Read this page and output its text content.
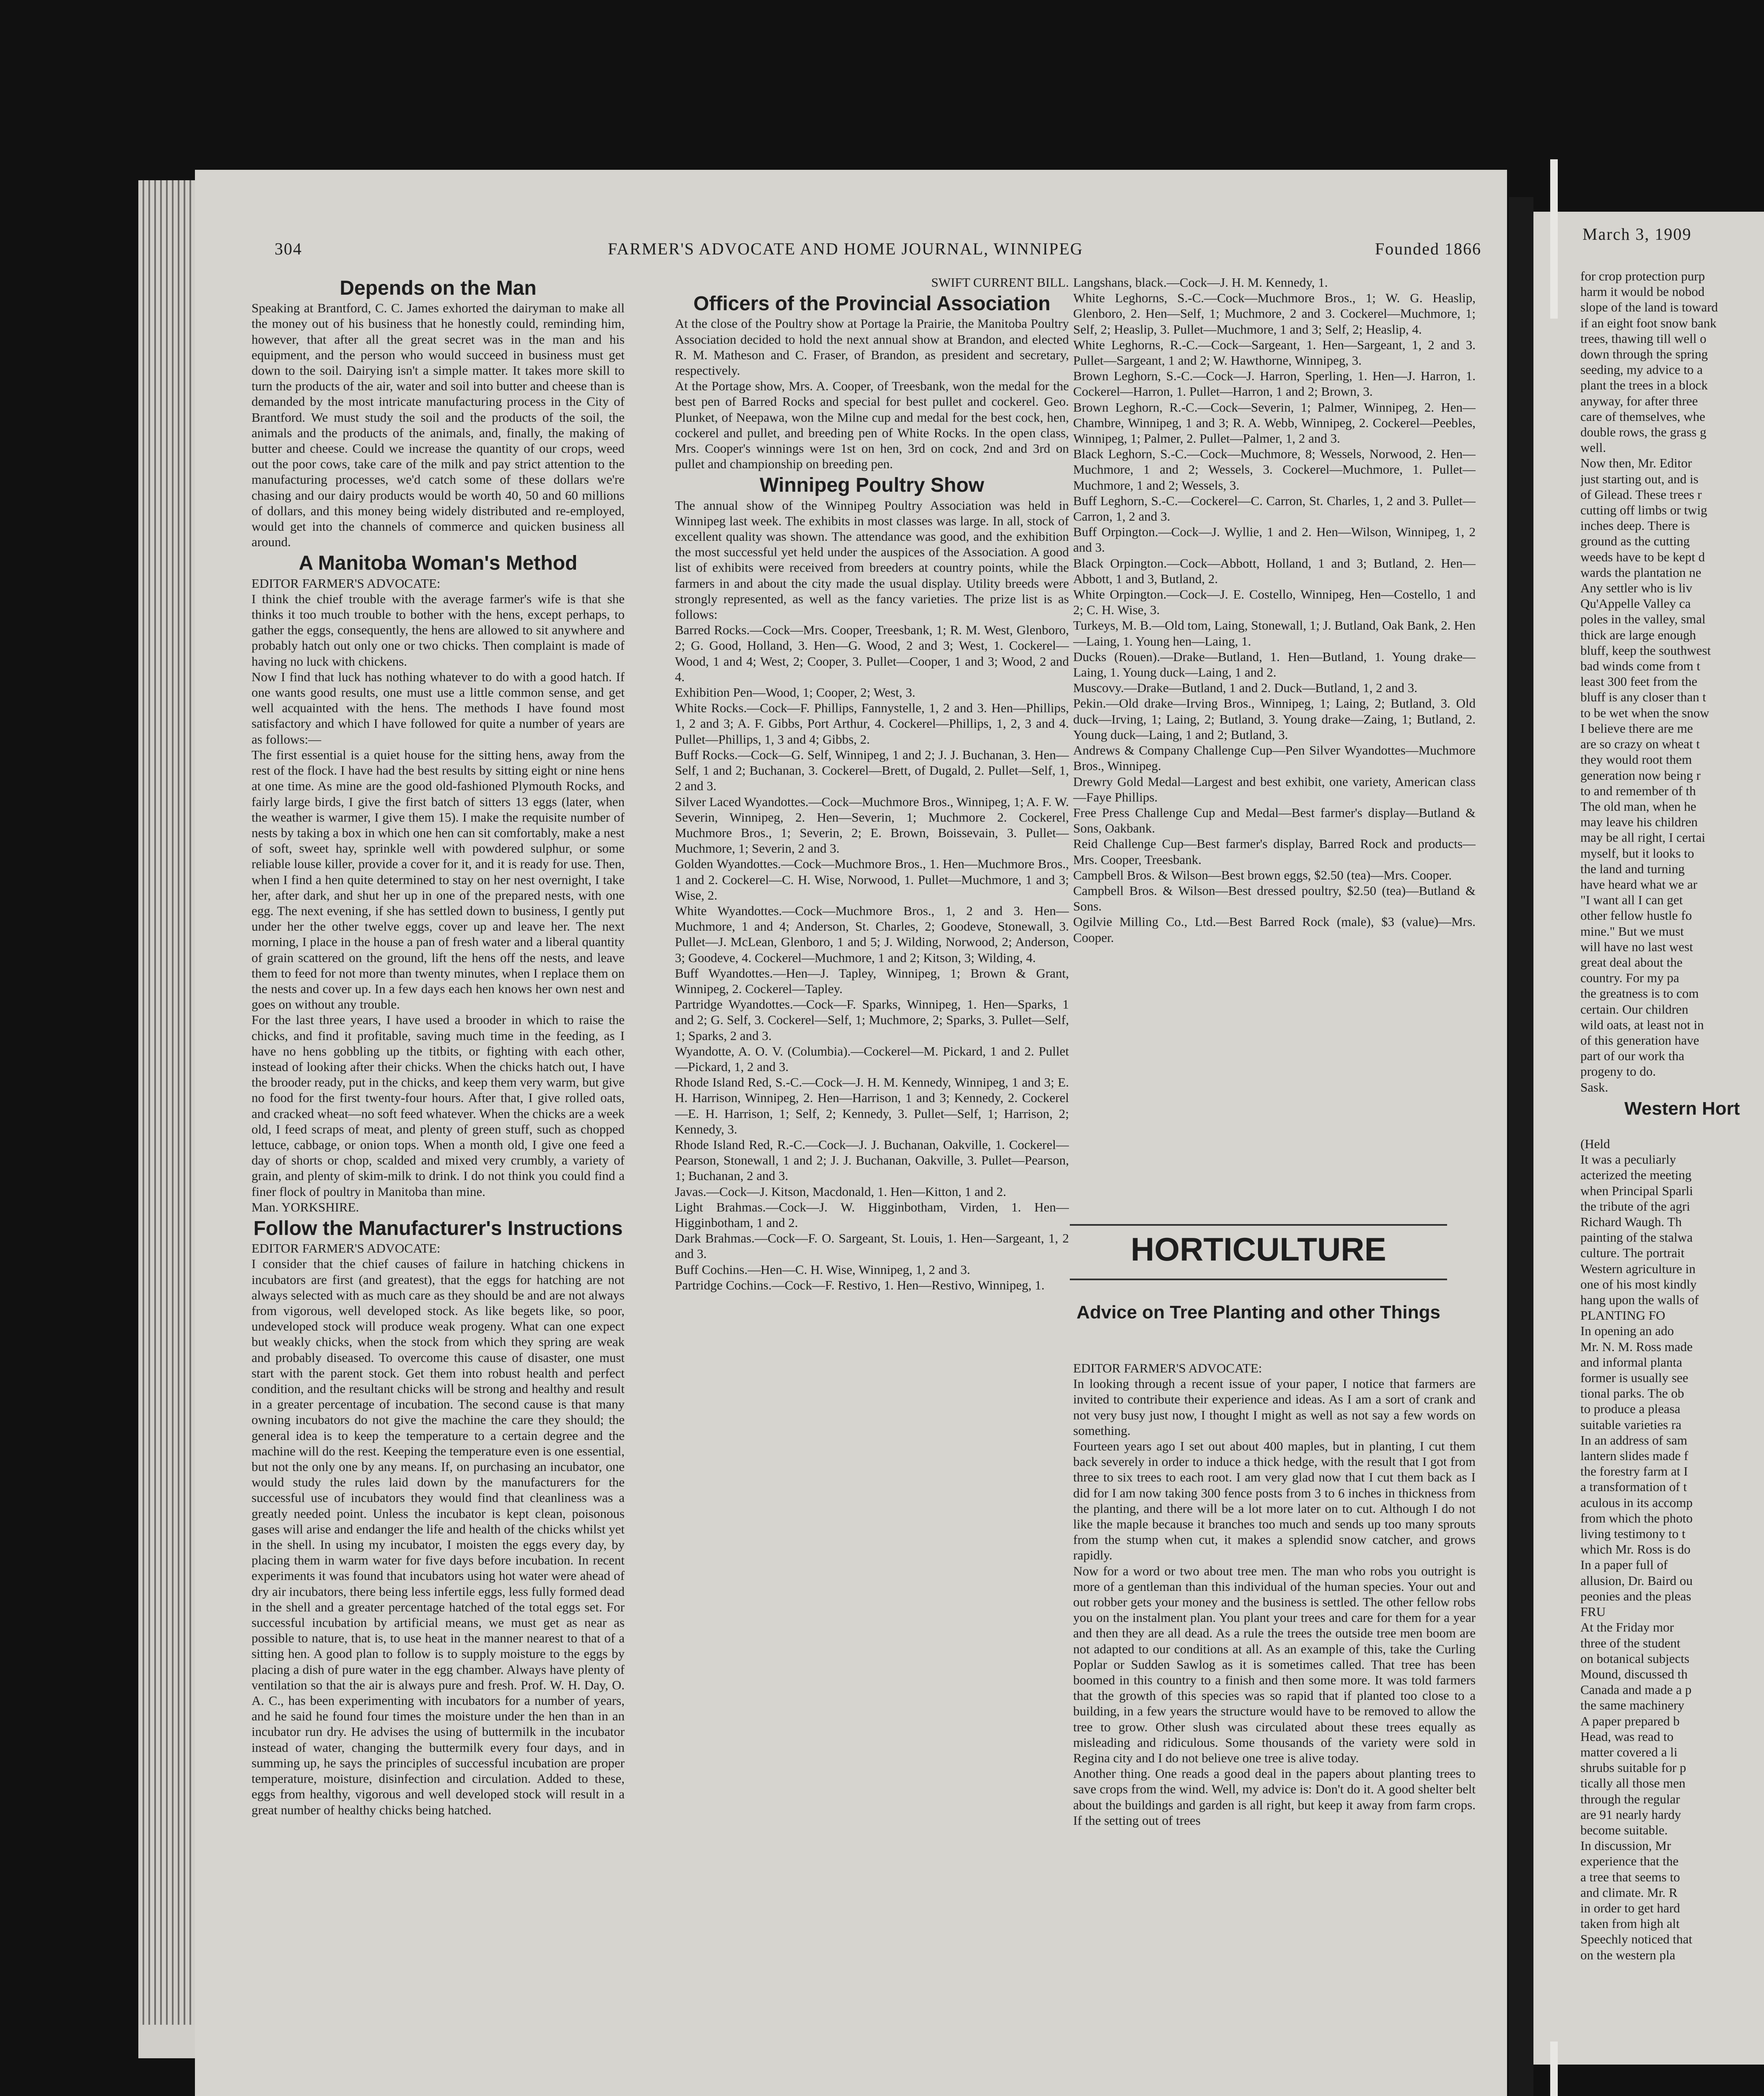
304	FARMER'S ADVOCATE AND HOME JOURNAL, WINNIPEG	Founded 1866
March 3, 1909
Depends on the Man

Speaking at Brantford, C. C. James exhorted the dairyman to make all the money out of his business that he honestly could, reminding him, however, that after all the great secret was in the man and his equipment, and the person who would succeed in business must get down to the soil. Dairying isn't a simple matter. It takes more skill to turn the products of the air, water and soil into butter and cheese than is demanded by the most intricate manufacturing process in the City of Brantford. We must study the soil and the products of the soil, the animals and the products of the animals, and, finally, the making of butter and cheese. Could we increase the quantity of our crops, weed out the poor cows, take care of the milk and pay strict attention to the manufacturing processes, we'd catch some of these dollars we're chasing and our dairy products would be worth 40, 50 and 60 millions of dollars, and this money being widely distributed and re-employed, would get into the channels of commerce and quicken business all around.

A Manitoba Woman's Method

EDITOR FARMER'S ADVOCATE:

I think the chief trouble with the average farmer's wife is that she thinks it too much trouble to bother with the hens, except perhaps, to gather the eggs, consequently, the hens are allowed to sit anywhere and probably hatch out only one or two chicks. Then complaint is made of having no luck with chickens.

Now I find that luck has nothing whatever to do with a good hatch. If one wants good results, one must use a little common sense, and get well acquainted with the hens. The methods I have found most satisfactory and which I have followed for quite a number of years are as follows:—

The first essential is a quiet house for the sitting hens, away from the rest of the flock. I have had the best results by sitting eight or nine hens at one time. As mine are the good old-fashioned Plymouth Rocks, and fairly large birds, I give the first batch of sitters 13 eggs (later, when the weather is warmer, I give them 15). I make the requisite number of nests by taking a box in which one hen can sit comfortably, make a nest of soft, sweet hay, sprinkle well with powdered sulphur, or some reliable louse killer, provide a cover for it, and it is ready for use. Then, when I find a hen quite determined to stay on her nest overnight, I take her, after dark, and shut her up in one of the prepared nests, with one egg. The next evening, if she has settled down to business, I gently put under her the other twelve eggs, cover up and leave her. The next morning, I place in the house a pan of fresh water and a liberal quantity of grain scattered on the ground, lift the hens off the nests, and leave them to feed for not more than twenty minutes, when I replace them on the nests and cover up. In a few days each hen knows her own nest and goes on without any trouble.

For the last three years, I have used a brooder in which to raise the chicks, and find it profitable, saving much time in the feeding, as I have no hens gobbling up the titbits, or fighting with each other, instead of looking after their chicks. When the chicks hatch out, I have the brooder ready, put in the chicks, and keep them very warm, but give no food for the first twenty-four hours. After that, I give rolled oats, and cracked wheat—no soft feed whatever. When the chicks are a week old, I feed scraps of meat, and plenty of green stuff, such as chopped lettuce, cabbage, or onion tops. When a month old, I give one feed a day of shorts or chop, scalded and mixed very crumbly, a variety of grain, and plenty of skim-milk to drink. I do not think you could find a finer flock of poultry in Manitoba than mine.

Man. YORKSHIRE.

Follow the Manufacturer's Instructions

EDITOR FARMER'S ADVOCATE:

I consider that the chief causes of failure in hatching chickens in incubators are first (and greatest), that the eggs for hatching are not always selected with as much care as they should be and are not always from vigorous, well developed stock. As like begets like, so poor, undeveloped stock will produce weak progeny. What can one expect but weakly chicks, when the stock from which they spring are weak and probably diseased. To overcome this cause of disaster, one must start with the parent stock. Get them into robust health and perfect condition, and the resultant chicks will be strong and healthy and result in a greater percentage of incubation. The second cause is that many owning incubators do not give the machine the care they should; the general idea is to keep the temperature to a certain degree and the machine will do the rest. Keeping the temperature even is one essential, but not the only one by any means. If, on purchasing an incubator, one would study the rules laid down by the manufacturers for the successful use of incubators they would find that cleanliness was a greatly needed point. Unless the incubator is kept clean, poisonous gases will arise and endanger the life and health of the chicks whilst yet in the shell. In using my incubator, I moisten the eggs every day, by placing them in warm water for five days before incubation. In recent experiments it was found that incubators using hot water were ahead of dry air incubators, there being less infertile eggs, less fully formed dead in the shell and a greater percentage hatched of the total eggs set. For successful incubation by artificial means, we must get as near as possible to nature, that is, to use heat in the manner nearest to that of a sitting hen. A good plan to follow is to supply moisture to the eggs by placing a dish of pure water in the egg chamber. Always have plenty of ventilation so that the air is always pure and fresh. Prof. W. H. Day, O. A. C., has been experimenting with incubators for a number of years, and he said he found four times the moisture under the hen than in an incubator run dry. He advises the using of buttermilk in the incubator instead of water, changing the buttermilk every four days, and in summing up, he says the principles of successful incubation are proper temperature, moisture, disinfection and circulation. Added to these, eggs from healthy, vigorous and well developed stock will result in a great number of healthy chicks being hatched.

SWIFT CURRENT BILL.

Officers of the Provincial Association

At the close of the Poultry show at Portage la Prairie, the Manitoba Poultry Association decided to hold the next annual show at Brandon, and elected R. M. Matheson and C. Fraser, of Brandon, as president and secretary, respectively.

At the Portage show, Mrs. A. Cooper, of Treesbank, won the medal for the best pen of Barred Rocks and special for best pullet and cockerel. Geo. Plunket, of Neepawa, won the Milne cup and medal for the best cock, hen, cockerel and pullet, and breeding pen of White Rocks. In the open class, Mrs. Cooper's winnings were 1st on hen, 3rd on cock, 2nd and 3rd on pullet and championship on breeding pen.

Winnipeg Poultry Show

The annual show of the Winnipeg Poultry Association was held in Winnipeg last week. The exhibits in most classes was large. In all, stock of excellent quality was shown. The attendance was good, and the exhibition the most successful yet held under the auspices of the Association. A good list of exhibits were received from breeders at country points, while the farmers in and about the city made the usual display. Utility breeds were strongly represented, as well as the fancy varieties. The prize list is as follows:

Barred Rocks.—Cock—Mrs. Cooper, Treesbank, 1; R. M. West, Glenboro, 2; G. Good, Holland, 3. Hen—G. Wood, 2 and 3; West, 1. Cockerel—Wood, 1 and 4; West, 2; Cooper, 3. Pullet—Cooper, 1 and 3; Wood, 2 and 4.

Exhibition Pen—Wood, 1; Cooper, 2; West, 3.

White Rocks.—Cock—F. Phillips, Fannystelle, 1, 2 and 3. Hen—Phillips, 1, 2 and 3; A. F. Gibbs, Port Arthur, 4. Cockerel—Phillips, 1, 2, 3 and 4. Pullet—Phillips, 1, 3 and 4; Gibbs, 2.

Buff Rocks.—Cock—G. Self, Winnipeg, 1 and 2; J. J. Buchanan, 3. Hen—Self, 1 and 2; Buchanan, 3. Cockerel—Brett, of Dugald, 2. Pullet—Self, 1, 2 and 3.

Silver Laced Wyandottes.—Cock—Muchmore Bros., Winnipeg, 1; A. F. W. Severin, Winnipeg, 2. Hen—Severin, 1; Muchmore 2. Cockerel, Muchmore Bros., 1; Severin, 2; E. Brown, Boissevain, 3. Pullet—Muchmore, 1; Severin, 2 and 3.

Golden Wyandottes.—Cock—Muchmore Bros., 1. Hen—Muchmore Bros., 1 and 2. Cockerel—C. H. Wise, Norwood, 1. Pullet—Muchmore, 1 and 3; Wise, 2.

White Wyandottes.—Cock—Muchmore Bros., 1, 2 and 3. Hen—Muchmore, 1 and 4; Anderson, St. Charles, 2; Goodeve, Stonewall, 3. Pullet—J. McLean, Glenboro, 1 and 5; J. Wilding, Norwood, 2; Anderson, 3; Goodeve, 4. Cockerel—Muchmore, 1 and 2; Kitson, 3; Wilding, 4.

Buff Wyandottes.—Hen—J. Tapley, Winnipeg, 1; Brown & Grant, Winnipeg, 2. Cockerel—Tapley.

Partridge Wyandottes.—Cock—F. Sparks, Winnipeg, 1. Hen—Sparks, 1 and 2; G. Self, 3. Cockerel—Self, 1; Muchmore, 2; Sparks, 3. Pullet—Self, 1; Sparks, 2 and 3.

Wyandotte, A. O. V. (Columbia).—Cockerel—M. Pickard, 1 and 2. Pullet—Pickard, 1, 2 and 3.

Rhode Island Red, S.-C.—Cock—J. H. M. Kennedy, Winnipeg, 1 and 3; E. H. Harrison, Winnipeg, 2. Hen—Harrison, 1 and 3; Kennedy, 2. Cockerel—E. H. Harrison, 1; Self, 2; Kennedy, 3. Pullet—Self, 1; Harrison, 2; Kennedy, 3.

Rhode Island Red, R.-C.—Cock—J. J. Buchanan, Oakville, 1. Cockerel—Pearson, Stonewall, 1 and 2; J. J. Buchanan, Oakville, 3. Pullet—Pearson, 1; Buchanan, 2 and 3.

Javas.—Cock—J. Kitson, Macdonald, 1. Hen—Kitton, 1 and 2.

Light Brahmas.—Cock—J. W. Higginbotham, Virden, 1. Hen—Higginbotham, 1 and 2.

Dark Brahmas.—Cock—F. O. Sargeant, St. Louis, 1. Hen—Sargeant, 1, 2 and 3.

Buff Cochins.—Hen—C. H. Wise, Winnipeg, 1, 2 and 3.

Partridge Cochins.—Cock—F. Restivo, 1. Hen—Restivo, Winnipeg, 1.

Langshans, black.—Cock—J. H. M. Kennedy, 1.

White Leghorns, S.-C.—Cock—Muchmore Bros., 1; W. G. Heaslip, Glenboro, 2. Hen—Self, 1; Muchmore, 2 and 3. Cockerel—Muchmore, 1; Self, 2; Heaslip, 3. Pullet—Muchmore, 1 and 3; Self, 2; Heaslip, 4.

White Leghorns, R.-C.—Cock—Sargeant, 1. Hen—Sargeant, 1, 2 and 3. Pullet—Sargeant, 1 and 2; W. Hawthorne, Winnipeg, 3.

Brown Leghorn, S.-C.—Cock—J. Harron, Sperling, 1. Hen—J. Harron, 1. Cockerel—Harron, 1. Pullet—Harron, 1 and 2; Brown, 3.

Brown Leghorn, R.-C.—Cock—Severin, 1; Palmer, Winnipeg, 2. Hen—Chambre, Winnipeg, 1 and 3; R. A. Webb, Winnipeg, 2. Cockerel—Peebles, Winnipeg, 1; Palmer, 2. Pullet—Palmer, 1, 2 and 3.

Black Leghorn, S.-C.—Cock—Muchmore, 8; Wessels, Norwood, 2. Hen—Muchmore, 1 and 2; Wessels, 3. Cockerel—Muchmore, 1. Pullet—Muchmore, 1 and 2; Wessels, 3.

Buff Leghorn, S.-C.—Cockerel—C. Carron, St. Charles, 1, 2 and 3. Pullet—Carron, 1, 2 and 3.

Buff Orpington.—Cock—J. Wyllie, 1 and 2. Hen—Wilson, Winnipeg, 1, 2 and 3.

Black Orpington.—Cock—Abbott, Holland, 1 and 3; Butland, 2. Hen—Abbott, 1 and 3, Butland, 2.

White Orpington.—Cock—J. E. Costello, Winnipeg, Hen—Costello, 1 and 2; C. H. Wise, 3.

Turkeys, M. B.—Old tom, Laing, Stonewall, 1; J. Butland, Oak Bank, 2. Hen—Laing, 1. Young hen—Laing, 1.

Ducks (Rouen).—Drake—Butland, 1. Hen—Butland, 1. Young drake—Laing, 1. Young duck—Laing, 1 and 2.

Muscovy.—Drake—Butland, 1 and 2. Duck—Butland, 1, 2 and 3.

Pekin.—Old drake—Irving Bros., Winnipeg, 1; Laing, 2; Butland, 3. Old duck—Irving, 1; Laing, 2; Butland, 3. Young drake—Zaing, 1; Butland, 2. Young duck—Laing, 1 and 2; Butland, 3.

Andrews & Company Challenge Cup—Pen Silver Wyandottes—Muchmore Bros., Winnipeg.

Drewry Gold Medal—Largest and best exhibit, one variety, American class—Faye Phillips.

Free Press Challenge Cup and Medal—Best farmer's display—Butland & Sons, Oakbank.

Reid Challenge Cup—Best farmer's display, Barred Rock and products—Mrs. Cooper, Treesbank.

Campbell Bros. & Wilson—Best brown eggs, $2.50 (tea)—Mrs. Cooper.

Campbell Bros. & Wilson—Best dressed poultry, $2.50 (tea)—Butland & Sons.

Ogilvie Milling Co., Ltd.—Best Barred Rock (male), $3 (value)—Mrs. Cooper.

HORTICULTURE
Advice on Tree Planting and other Things

EDITOR FARMER'S ADVOCATE:

In looking through a recent issue of your paper, I notice that farmers are invited to contribute their experience and ideas. As I am a sort of crank and not very busy just now, I thought I might as well as not say a few words on something.

Fourteen years ago I set out about 400 maples, but in planting, I cut them back severely in order to induce a thick hedge, with the result that I got from three to six trees to each root. I am very glad now that I cut them back as I did for I am now taking 300 fence posts from 3 to 6 inches in thickness from the planting, and there will be a lot more later on to cut. Although I do not like the maple because it branches too much and sends up too many sprouts from the stump when cut, it makes a splendid snow catcher, and grows rapidly.

Now for a word or two about tree men. The man who robs you outright is more of a gentleman than this individual of the human species. Your out and out robber gets your money and the business is settled. The other fellow robs you on the instalment plan. You plant your trees and care for them for a year and then they are all dead. As a rule the trees the outside tree men boom are not adapted to our conditions at all. As an example of this, take the Curling Poplar or Sudden Sawlog as it is sometimes called. That tree has been boomed in this country to a finish and then some more. It was told farmers that the growth of this species was so rapid that if planted too close to a building, in a few years the structure would have to be removed to allow the tree to grow. Other slush was circulated about these trees equally as misleading and ridiculous. Some thousands of the variety were sold in Regina city and I do not believe one tree is alive today.

Another thing. One reads a good deal in the papers about planting trees to save crops from the wind. Well, my advice is: Don't do it. A good shelter belt about the buildings and garden is all right, but keep it away from farm crops. If the setting out of trees

for crop protection purp

harm it would be nobod

slope of the land is toward

if an eight foot snow bank

trees, thawing till well o

down through the spring

seeding, my advice to a

plant the trees in a block

anyway, for after three

care of themselves, whe

double rows, the grass g

well.

Now then, Mr. Editor

just starting out, and is

of Gilead. These trees r

cutting off limbs or twig

inches deep. There is

ground as the cutting

weeds have to be kept d

wards the plantation ne

Any settler who is liv

Qu'Appelle Valley ca

poles in the valley, smal

thick are large enough

bluff, keep the southwest

bad winds come from t

least 300 feet from the

bluff is any closer than t

to be wet when the snow

I believe there are me

are so crazy on wheat t

they would root them

generation now being r

to and remember of th

The old man, when he

may leave his children

may be all right, I certai

myself, but it looks to

the land and turning

have heard what we ar

"I want all I can get

other fellow hustle fo

mine." But we must

will have no last west

great deal about the

country. For my pa

the greatness is to com

certain. Our children

wild oats, at least not in

of this generation have

part of our work tha

progeny to do.

Sask.

Western Hort

(Held

It was a peculiarly

acterized the meeting

when Principal Sparli

the tribute of the agri

Richard Waugh. Th

painting of the stalwa

culture. The portrait

Western agriculture in

one of his most kindly

hang upon the walls of

PLANTING FO

In opening an ado

Mr. N. M. Ross made

and informal planta

former is usually see

tional parks. The ob

to produce a pleasa

suitable varieties ra

In an address of sam

lantern slides made f

the forestry farm at I

a transformation of t

aculous in its accomp

from which the photo

living testimony to t

which Mr. Ross is do

In a paper full of

allusion, Dr. Baird ou

peonies and the pleas

FRU

At the Friday mor

three of the student

on botanical subjects

Mound, discussed th

Canada and made a p

the same machinery

A paper prepared b

Head, was read to

matter covered a li

shrubs suitable for p

tically all those men

through the regular

are 91 nearly hardy

become suitable.

In discussion, Mr

experience that the

a tree that seems to

and climate. Mr. R

in order to get hard

taken from high alt

Speechly noticed that

on the western pla
